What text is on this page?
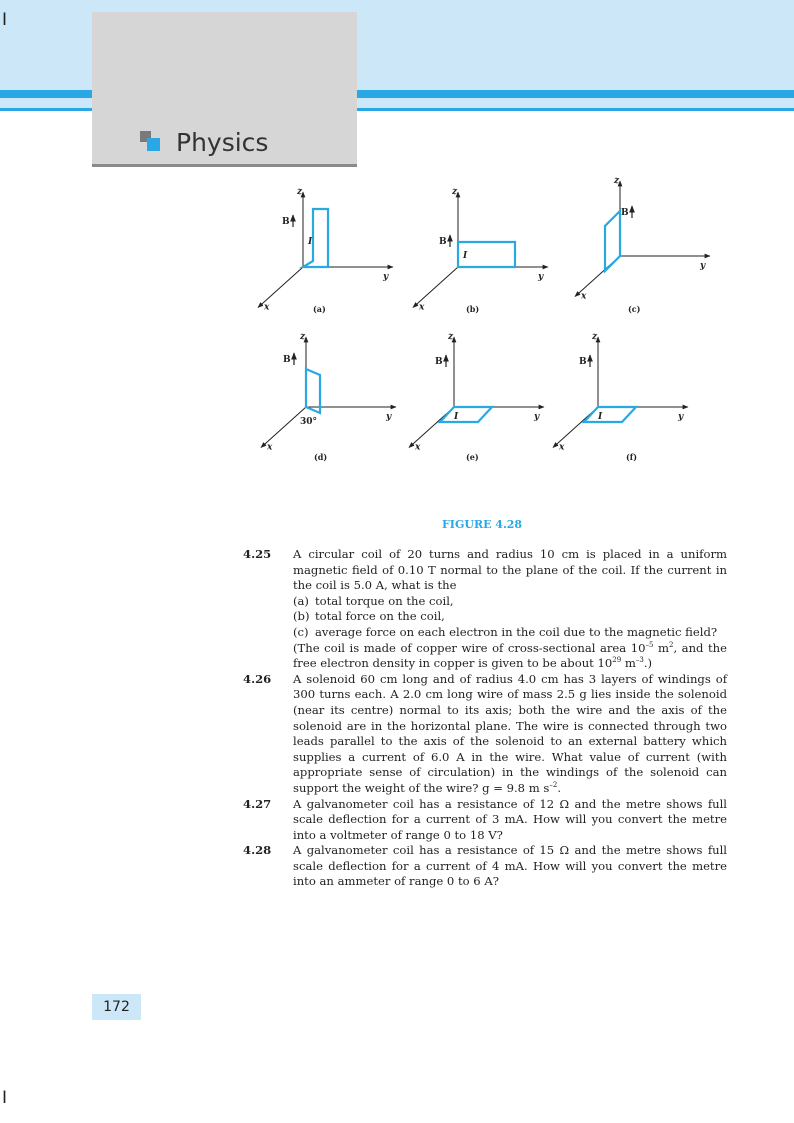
Physics
I
I
z
y
x
B
I
(a)
z
y
x
B
I
(b)
z
y
x
B
(c)
z
y
x
B
30°
(d)
z
y
x
B
I
(e)
z
y
x
B
I
(f)
FIGURE 4.28
4.25	A circular coil of 20 turns and radius 10 cm is placed in a uniform magnetic field of 0.10 T normal to the plane of the coil. If the current in the coil is 5.0 A, what is the

(a) total torque on the coil,
(b) total force on the coil,
(c) average force on each electron in the coil due to the magnetic field?

(The coil is made of copper wire of cross-sectional area $10^{-5}$ $m^2$, and the free electron density in copper is given to be about $10^{29}$ $m^{-3}$.)

4.26	A solenoid 60 cm long and of radius 4.0 cm has 3 layers of windings of 300 turns each. A 2.0 cm long wire of mass 2.5 g lies inside the solenoid (near its centre) normal to its axis; both the wire and the axis of the solenoid are in the horizontal plane. The wire is connected through two leads parallel to the axis of the solenoid to an external battery which supplies a current of 6.0 A in the wire. What value of current (with appropriate sense of circulation) in the windings of the solenoid can support the weight of the wire? g = 9.8 m $s^{-2}$.

4.27	A galvanometer coil has a resistance of 12 Ω and the metre shows full scale deflection for a current of 3 mA. How will you convert the metre into a voltmeter of range 0 to 18 V?

4.28	A galvanometer coil has a resistance of 15 Ω and the metre shows full scale deflection for a current of 4 mA. How will you convert the metre into an ammeter of range 0 to 6 A?

172
